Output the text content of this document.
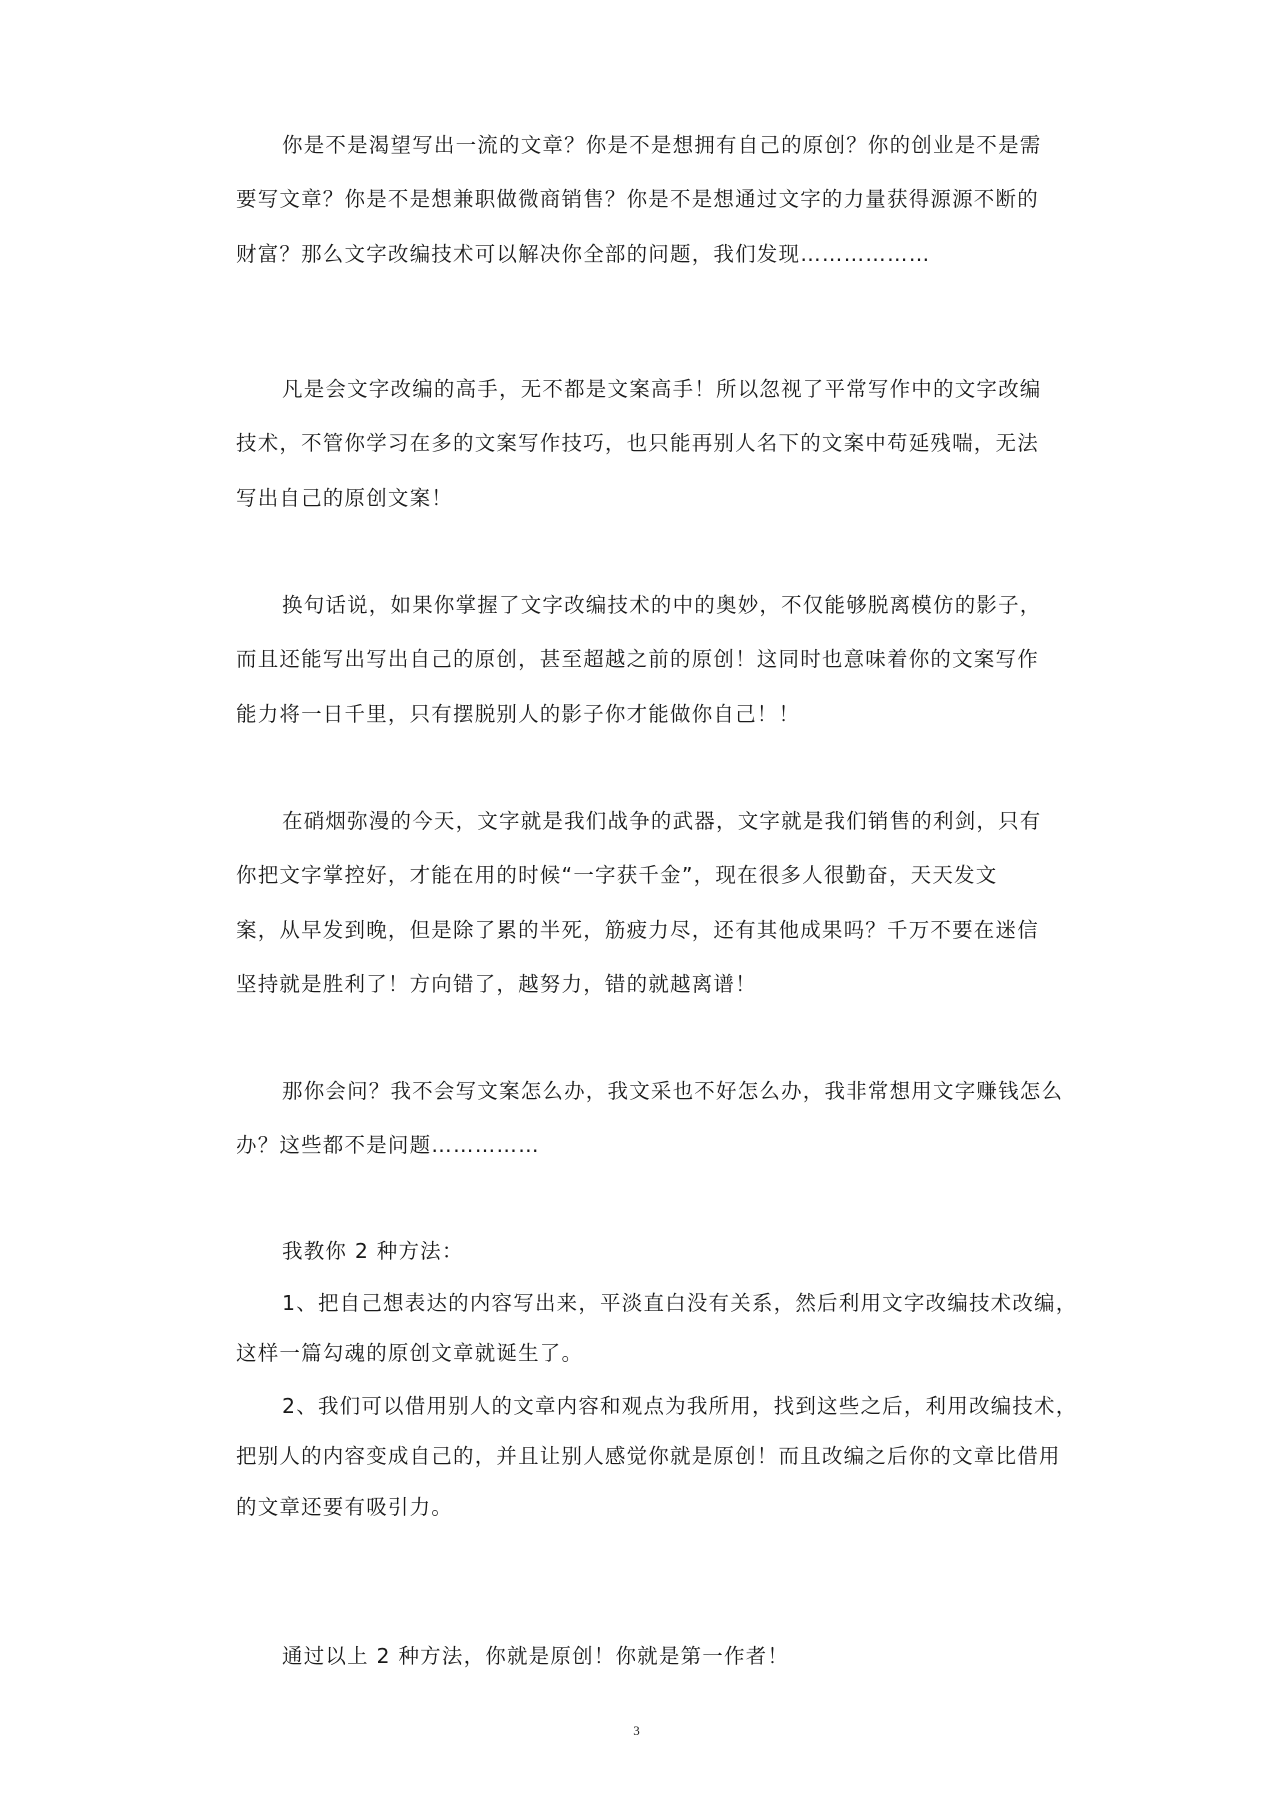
你是不是渴望写出一流的文章？你是不是想拥有自己的原创？你的创业是不是需
要写文章？你是不是想兼职做微商销售？你是不是想通过文字的力量获得源源不断的
财富？那么文字改编技术可以解决你全部的问题，我们发现………………
凡是会文字改编的高手，无不都是文案高手！所以忽视了平常写作中的文字改编
技术，不管你学习在多的文案写作技巧，也只能再别人名下的文案中苟延残喘，无法
写出自己的原创文案！
换句话说，如果你掌握了文字改编技术的中的奥妙，不仅能够脱离模仿的影子，
而且还能写出写出自己的原创，甚至超越之前的原创！这同时也意味着你的文案写作
能力将一日千里，只有摆脱别人的影子你才能做你自己！！
在硝烟弥漫的今天，文字就是我们战争的武器，文字就是我们销售的利剑，只有
你把文字掌控好，才能在用的时候“一字获千金”，现在很多人很勤奋，天天发文
案，从早发到晚，但是除了累的半死，筋疲力尽，还有其他成果吗？千万不要在迷信
坚持就是胜利了！方向错了，越努力，错的就越离谱！
那你会问？我不会写文案怎么办，我文采也不好怎么办，我非常想用文字赚钱怎么
办？这些都不是问题……………
我教你 2 种方法：
1、把自己想表达的内容写出来，平淡直白没有关系，然后利用文字改编技术改编，
这样一篇勾魂的原创文章就诞生了。
2、我们可以借用别人的文章内容和观点为我所用，找到这些之后，利用改编技术，
把别人的内容变成自己的，并且让别人感觉你就是原创！而且改编之后你的文章比借用
的文章还要有吸引力。
通过以上 2 种方法，你就是原创！你就是第一作者！
3
